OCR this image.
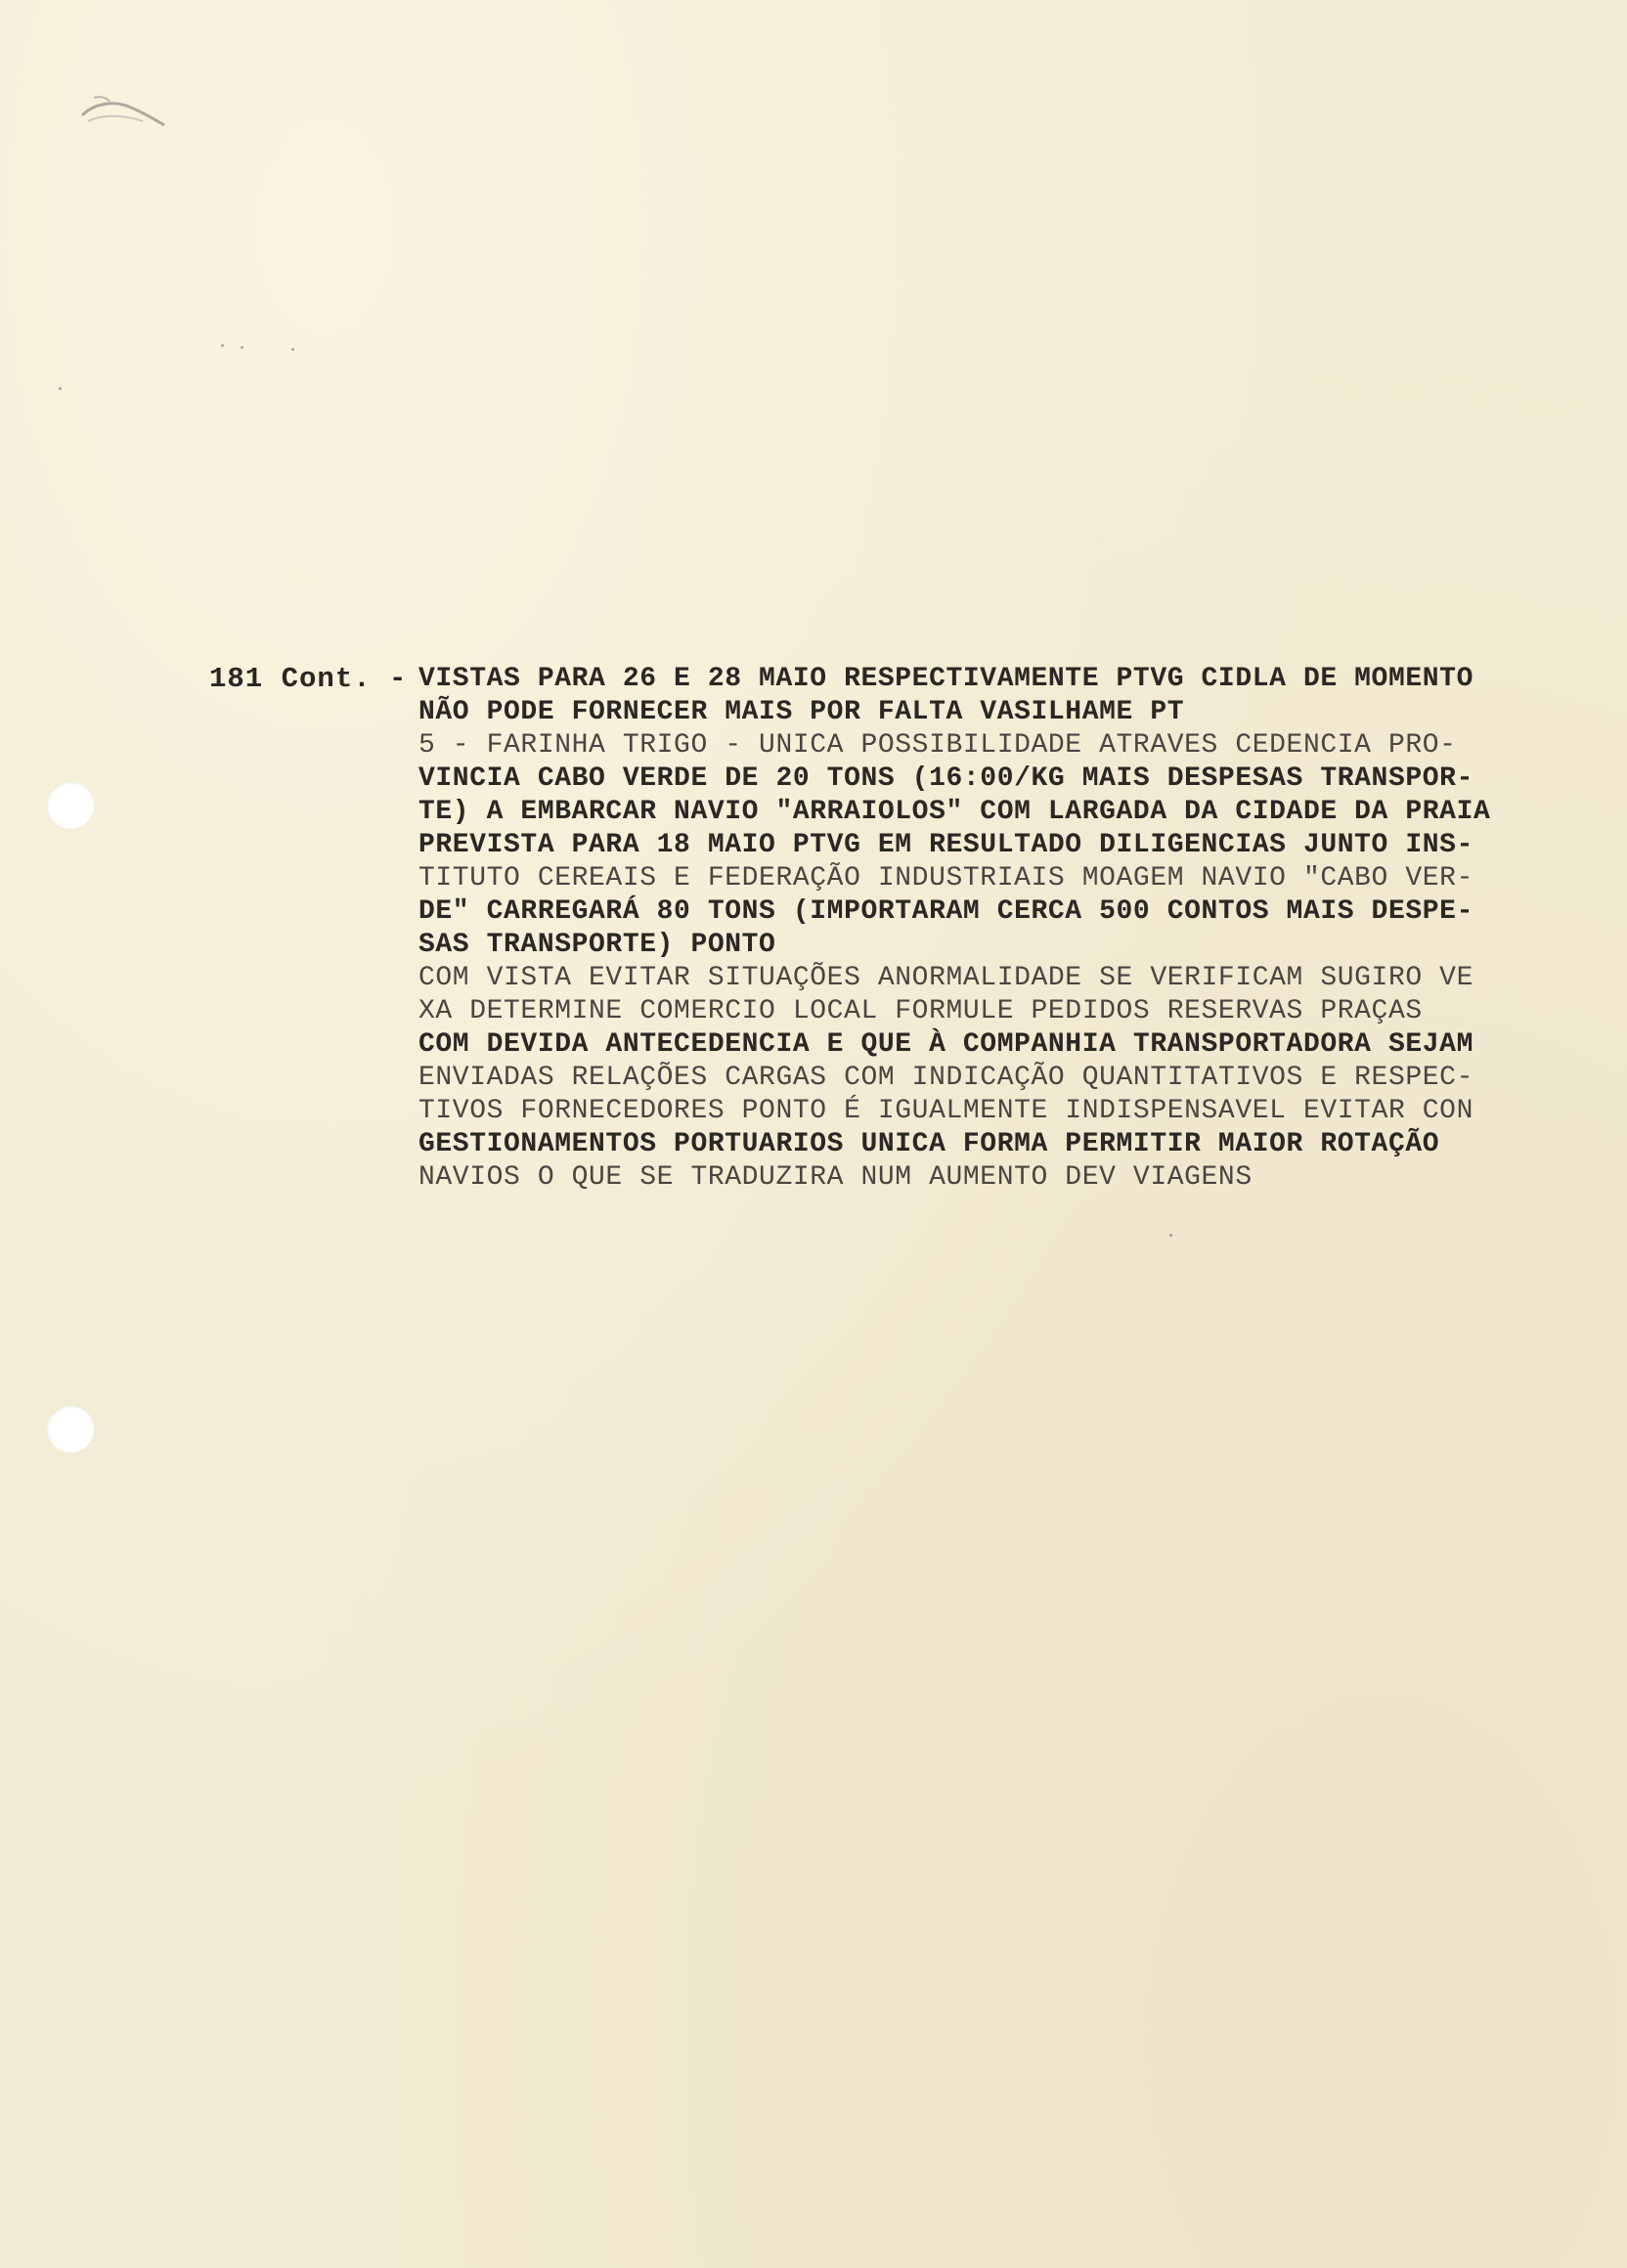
181 Cont. - VISTAS PARA 26 E 28 MAIO RESPECTIVAMENTE PTVG CIDLA DE MOMENTO
NÃO PODE FORNECER MAIS POR FALTA VASILHAME PT
5 - FARINHA TRIGO - UNICA POSSIBILIDADE ATRAVES CEDENCIA PRO-
VINCIA CABO VERDE DE 20 TONS (16:00/KG MAIS DESPESAS TRANSPOR-
TE) A EMBARCAR NAVIO "ARRAIOLOS" COM LARGADA DA CIDADE DA PRAIA
PREVISTA PARA 18 MAIO PTVG EM RESULTADO DILIGENCIAS JUNTO INS-
TITUTO CEREAIS E FEDERAÇÃO INDUSTRIAIS MOAGEM NAVIO "CABO VER-
DE" CARREGARÁ 80 TONS (IMPORTARAM CERCA 500 CONTOS MAIS DESPE-
SAS TRANSPORTE) PONTO
COM VISTA EVITAR SITUAÇÕES ANORMALIDADE SE VERIFICAM SUGIRO VE
XA DETERMINE COMERCIO LOCAL FORMULE PEDIDOS RESERVAS PRAÇAS
COM DEVIDA ANTECEDENCIA E QUE À COMPANHIA TRANSPORTADORA SEJAM
ENVIADAS RELAÇÕES CARGAS COM INDICAÇÃO QUANTITATIVOS E RESPEC-
TIVOS FORNECEDORES PONTO É IGUALMENTE INDISPENSAVEL EVITAR CON
GESTIONAMENTOS PORTUARIOS UNICA FORMA PERMITIR MAIOR ROTAÇÃO
NAVIOS O QUE SE TRADUZIRA NUM AUMENTO DEV VIAGENS
